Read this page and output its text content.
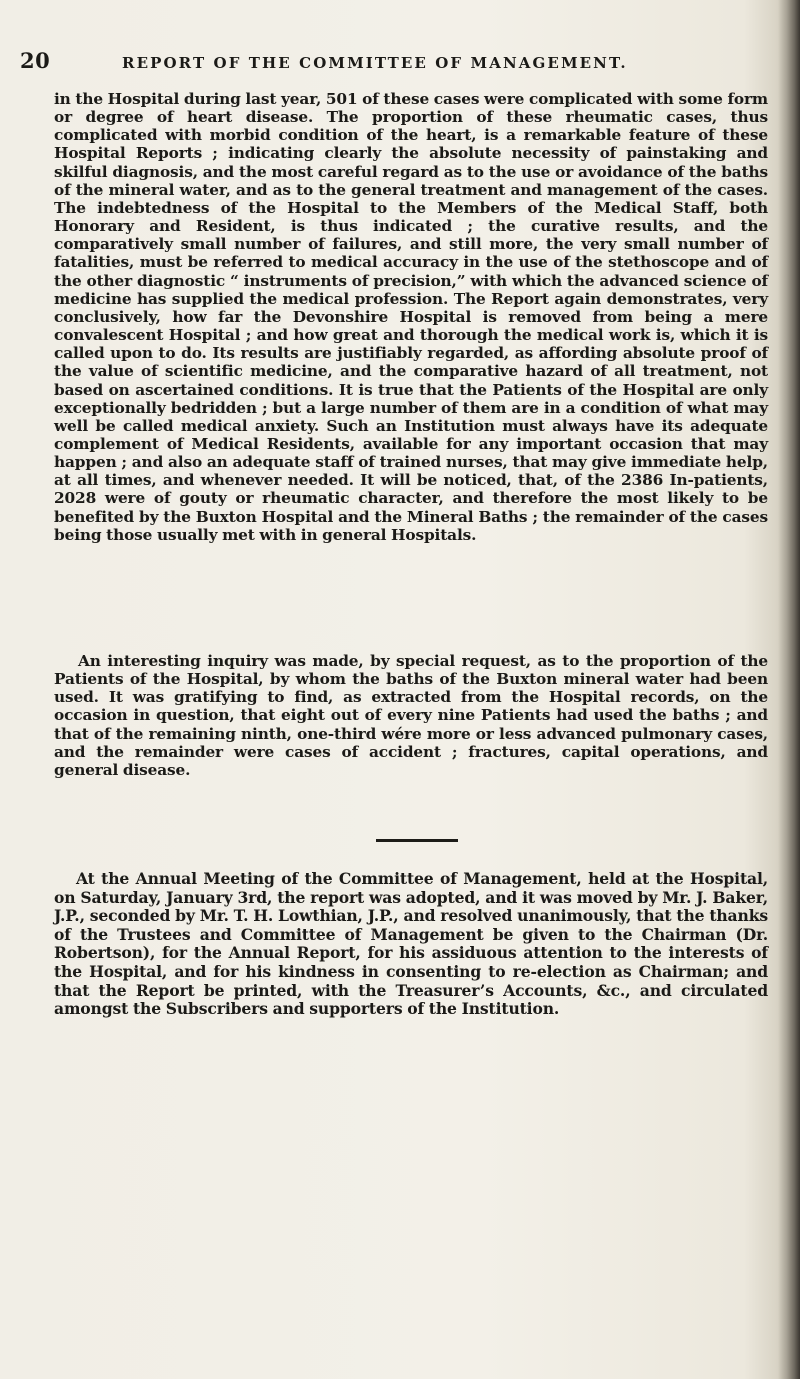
20	REPORT OF THE COMMITTEE OF MANAGEMENT.

in the Hospital during last year, 501 of these cases were complicated with some form or degree of heart disease. The proportion of these rheumatic cases, thus complicated with morbid condition of the heart, is a remarkable feature of these Hospital Reports ; indicating clearly the absolute necessity of painstaking and skilful diagnosis, and the most careful regard as to the use or avoidance of the baths of the mineral water, and as to the general treatment and management of the cases. The indebtedness of the Hospital to the Members of the Medical Staff, both Honorary and Resident, is thus indicated ; the curative results, and the comparatively small number of failures, and still more, the very small number of fatalities, must be referred to medical accuracy in the use of the stethoscope and of the other diagnostic “ instruments of precision,” with which the advanced science of medicine has supplied the medical profession. The Report again demonstrates, very conclusively, how far the Devonshire Hospital is removed from being a mere convalescent Hospital ; and how great and thorough the medical work is, which it is called upon to do. Its results are justifiably regarded, as affording absolute proof of the value of scientific medicine, and the comparative hazard of all treatment, not based on ascertained conditions. It is true that the Patients of the Hospital are only exceptionally bedridden ; but a large number of them are in a condition of what may well be called medical anxiety. Such an Institution must always have its adequate complement of Medical Residents, available for any important occasion that may happen ; and also an adequate staff of trained nurses, that may give immediate help, at all times, and whenever needed. It will be noticed, that, of the 2386 In-patients, 2028 were of gouty or rheumatic character, and therefore the most likely to be benefited by the Buxton Hospital and the Mineral Baths ; the remainder of the cases being those usually met with in general Hospitals.

An interesting inquiry was made, by special request, as to the proportion of the Patients of the Hospital, by whom the baths of the Buxton mineral water had been used. It was gratifying to find, as extracted from the Hospital records, on the occasion in question, that eight out of every nine Patients had used the baths ; and that of the remaining ninth, one-third wére more or less advanced pulmonary cases, and the remainder were cases of accident ; fractures, capital operations, and general disease.

At the Annual Meeting of the Committee of Management, held at the Hospital, on Saturday, January 3rd, the report was adopted, and it was moved by Mr. J. Baker, J.P., seconded by Mr. T. H. Lowthian, J.P., and resolved unanimously, that the thanks of the Trustees and Committee of Management be given to the Chairman (Dr. Robertson), for the Annual Report, for his assiduous attention to the interests of the Hospital, and for his kindness in consenting to re-election as Chairman; and that the Report be printed, with the Treasurer’s Accounts, &c., and circulated amongst the Subscribers and supporters of the Institution.
